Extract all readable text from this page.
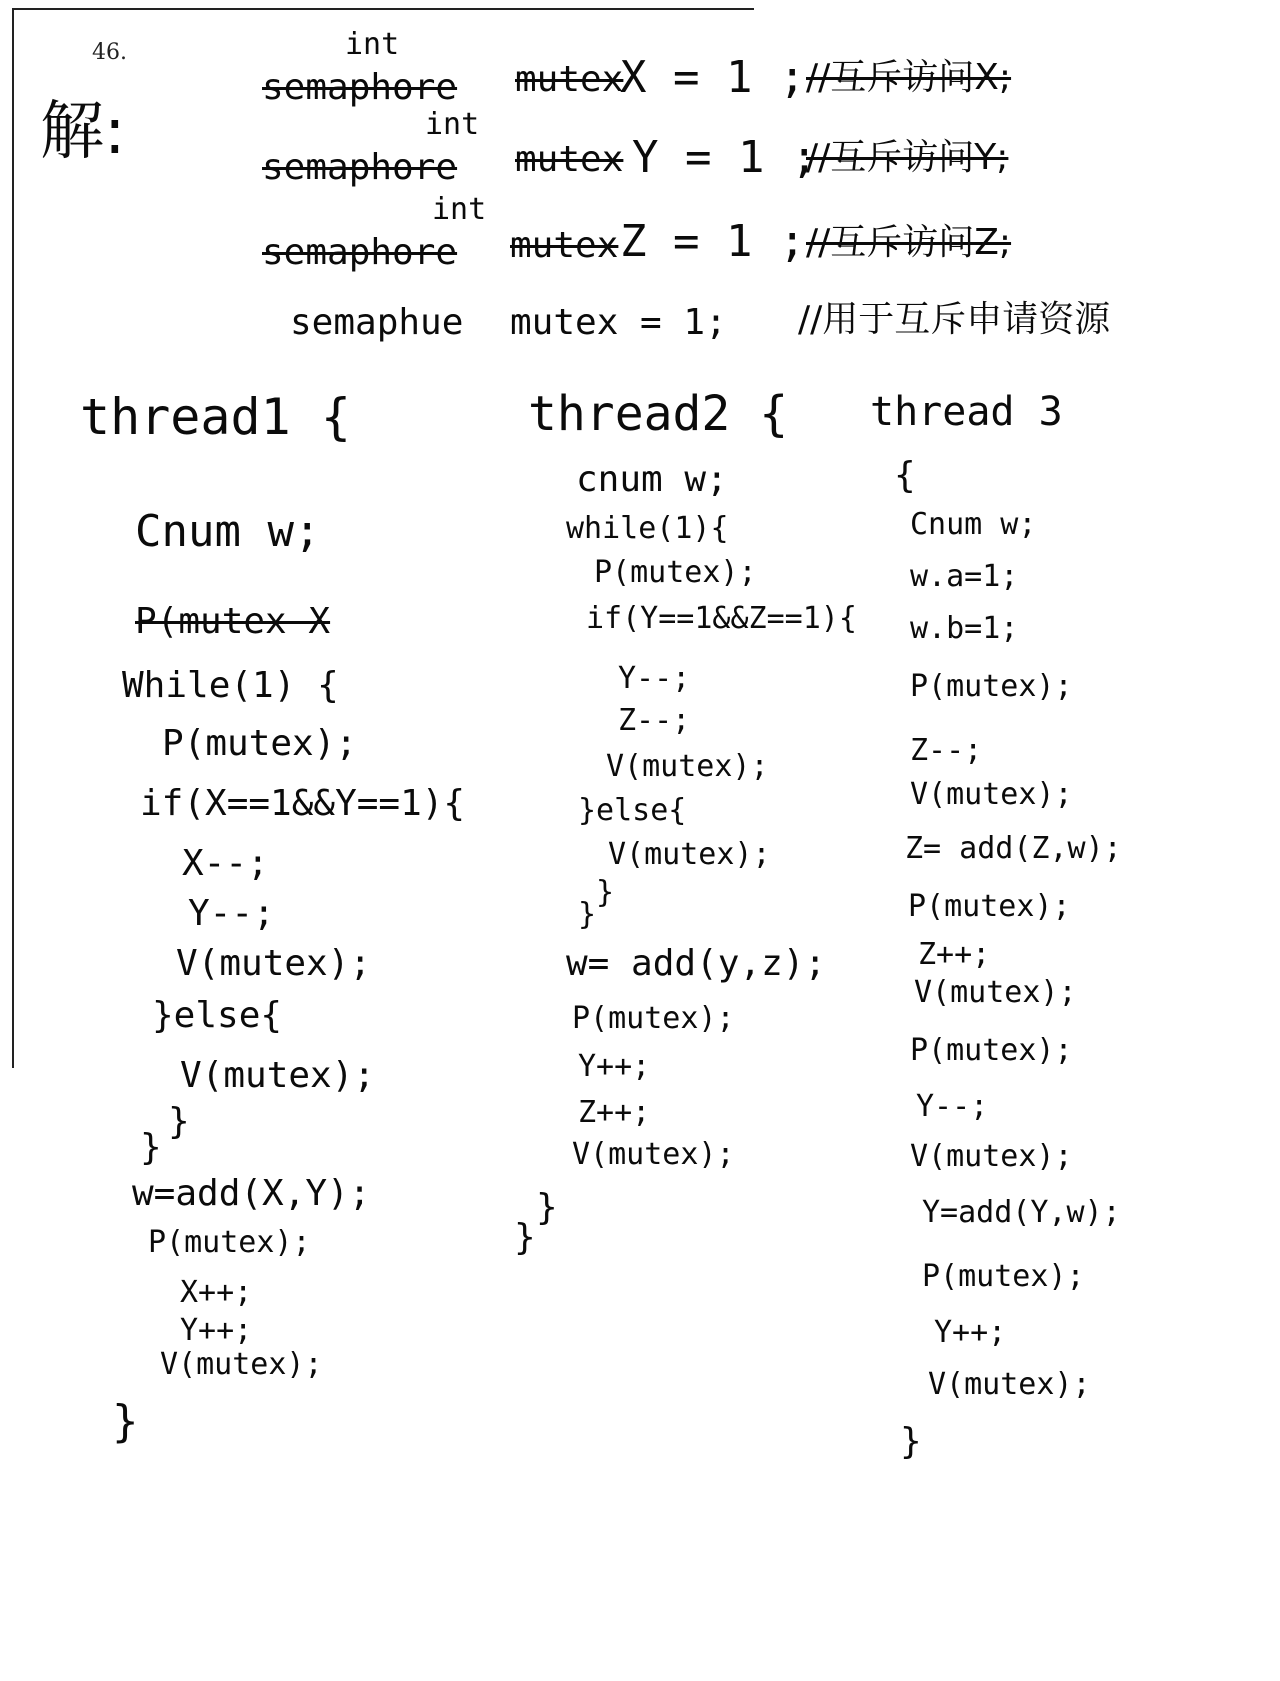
46.
解:
int
semaphore mutex
X = 1 ; //互斥访问X;
int
semaphore mutex Y = 1 ;
//互斥访问Y;
int
semaphore mutex Z = 1 ; //互斥访问Z;
semaphue mutex = 1; //用于互斥申请资源
thread1 {
Cnum w;
P(mutex X
While(1) {
P(mutex);
if(X==1&&Y==1){
X--;
Y--;
V(mutex);
}else{
V(mutex);
}
}
w=add(X,Y);
P(mutex);
X++;
Y++;
V(mutex);
}
thread2 {
cnum w;
while(1){
P(mutex);
if(Y==1&&Z==1){
Y--;
Z--;
V(mutex);
}else{
V(mutex);
}
}
w= add(y,z);
P(mutex);
Y++;
Z++;
V(mutex);
}
}
thread 3
{
Cnum w;
w.a=1;
w.b=1;
P(mutex);
Z--;
V(mutex);
Z= add(Z,w);
P(mutex);
Z++;
V(mutex);
P(mutex);
Y--;
V(mutex);
Y=add(Y,w);
P(mutex);
Y++;
V(mutex);
}
